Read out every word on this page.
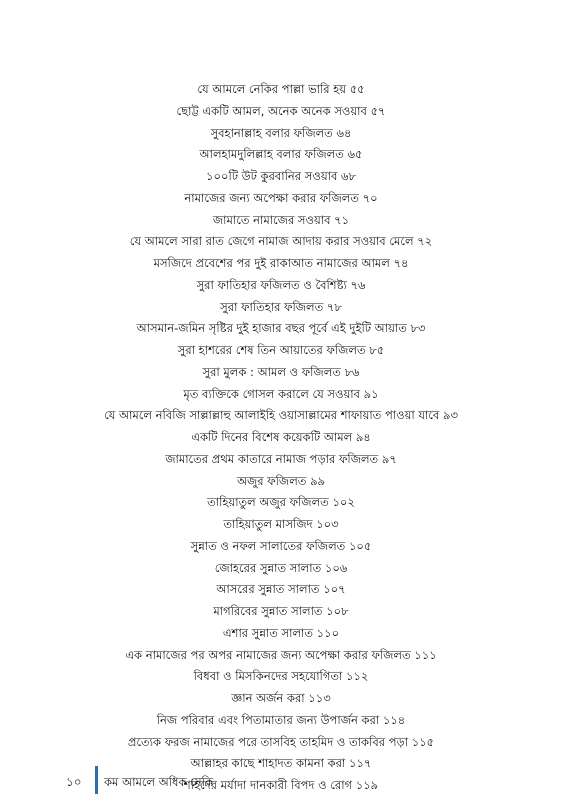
যে আমলে নেকির পাল্লা ভারি হয় ৫৫
ছোট্ট একটি আমল, অনেক অনেক সওয়াব ৫৭
সুবহানাল্লাহ বলার ফজিলত ৬৪
আলহামদুলিল্লাহ বলার ফজিলত ৬৫
১০০টি উট কুরবানির সওয়াব ৬৮
নামাজের জন্য অপেক্ষা করার ফজিলত ৭০
জামাতে নামাজের সওয়াব ৭১
যে আমলে সারা রাত জেগে নামাজ আদায় করার সওয়াব মেলে ৭২
মসজিদে প্রবেশের পর দুই রাকাআত নামাজের আমল ৭৪
সুরা ফাতিহার ফজিলত ও বৈশিষ্ট্য ৭৬
সুরা ফাতিহার ফজিলত ৭৮
আসমান-জমিন সৃষ্টির দুই হাজার বছর পূর্বে এই দুইটি আয়াত ৮৩
সুরা হাশরের শেষ তিন আয়াতের ফজিলত ৮৫
সুরা মুলক : আমল ও ফজিলত ৮৬
মৃত ব্যক্তিকে গোসল করালে যে সওয়াব ৯১
যে আমলে নবিজি সাল্লাল্লাহু আলাইহি ওয়াসাল্লামের শাফায়াত পাওয়া যাবে ৯৩
একটি দিনের বিশেষ কয়েকটি আমল ৯৪
জামাতের প্রথম কাতারে নামাজ পড়ার ফজিলত ৯৭
অজুর ফজিলত ৯৯
তাহিয়াতুল অজুর ফজিলত ১০২
তাহিয়াতুল মাসজিদ ১০৩
সুন্নাত ও নফল সালাতের ফজিলত ১০৫
জোহরের সুন্নাত সালাত ১০৬
আসরের সুন্নাত সালাত ১০৭
মাগরিবের সুন্নাত সালাত ১০৮
এশার সুন্নাত সালাত ১১০
এক নামাজের পর অপর নামাজের জন্য অপেক্ষা করার ফজিলত ১১১
বিধবা ও মিসকিনদের সহযোগিতা ১১২
জ্ঞান অর্জন করা ১১৩
নিজ পরিবার এবং পিতামাতার জন্য উপার্জন করা ১১৪
প্রত্যেক ফরজ নামাজের পরে তাসবিহ তাহমিদ ও তাকবির পড়া ১১৫
আল্লাহর কাছে শাহাদত কামনা করা ১১৭
শহিদের মর্যাদা দানকারী বিপদ ও রোগ ১১৯
১০ কম আমলে অধিক নেকি
